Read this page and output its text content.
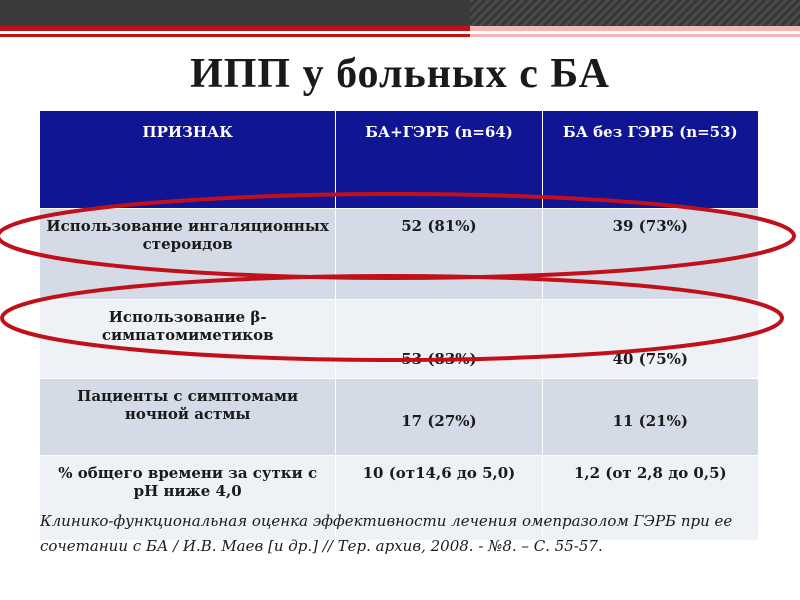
ИПП у больных с БА
ПРИЗНАК	БА+ГЭРБ (n=64)	БА без ГЭРБ (n=53)
Использование ингаляционных стероидов	52 (81%)	39 (73%)
Использование β-симпатомиметиков	53 (83%)	40 (75%)
Пациенты с симптомами ночной астмы	17 (27%)	11 (21%)
% общего времени за сутки с рН ниже 4,0	10 (от14,6 до 5,0)	1,2 (от 2,8 до 0,5)
Клинико-функциональная оценка эффективности лечения омепразолом ГЭРБ при ее сочетании с БА / И.В. Маев [и др.] // Тер. архив, 2008. - №8. – С. 55-57.
